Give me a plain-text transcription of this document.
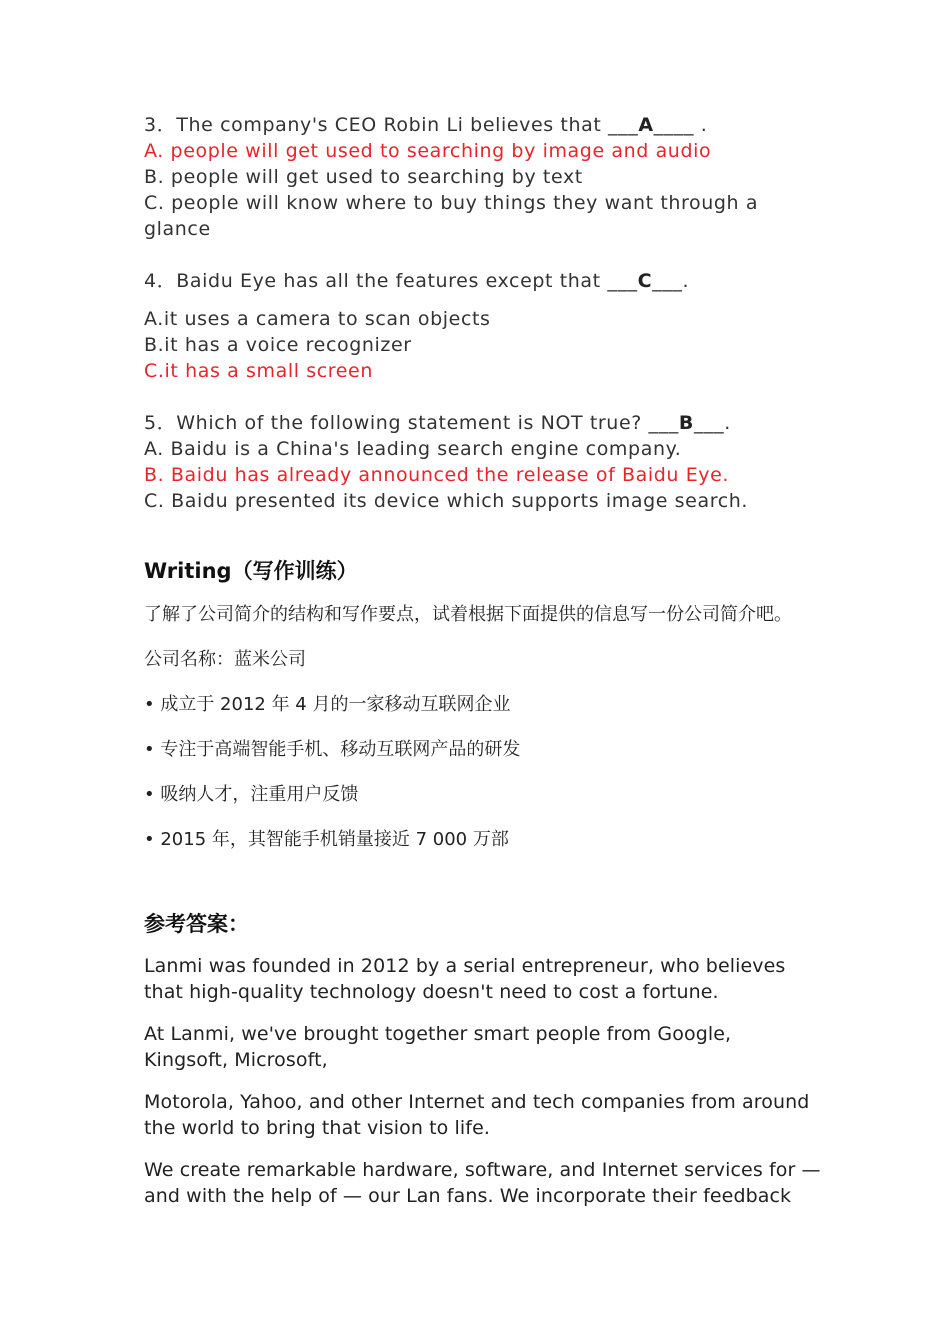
3．The company's CEO Robin Li believes that ___A____ .

A. people will get used to searching by image and audio

B. people will get used to searching by text

C. people will know where to buy things they want through a glance

4．Baidu Eye has all the features except that ___C___.

A.it uses a camera to scan objects

B.it has a voice recognizer

C.it has a small screen

5．Which of the following statement is NOT true? ___B___.

A. Baidu is a China's leading search engine company.

B. Baidu has already announced the release of Baidu Eye.

C. Baidu presented its device which supports image search.

Writing（写作训练）

了解了公司简介的结构和写作要点，试着根据下面提供的信息写一份公司简介吧。

公司名称：蓝米公司

• 成立于 2012 年 4 月的一家移动互联网企业

• 专注于高端智能手机、移动互联网产品的研发

• 吸纳人才，注重用户反馈

• 2015 年，其智能手机销量接近 7 000 万部

参考答案：

Lanmi was founded in 2012 by a serial entrepreneur, who believes that high-quality technology doesn't need to cost a fortune.

At Lanmi, we've brought together smart people from Google, Kingsoft, Microsoft,

Motorola, Yahoo, and other Internet and tech companies from around the world to bring that vision to life.

We create remarkable hardware, software, and Internet services for — and with the help of — our Lan fans. We incorporate their feedback
